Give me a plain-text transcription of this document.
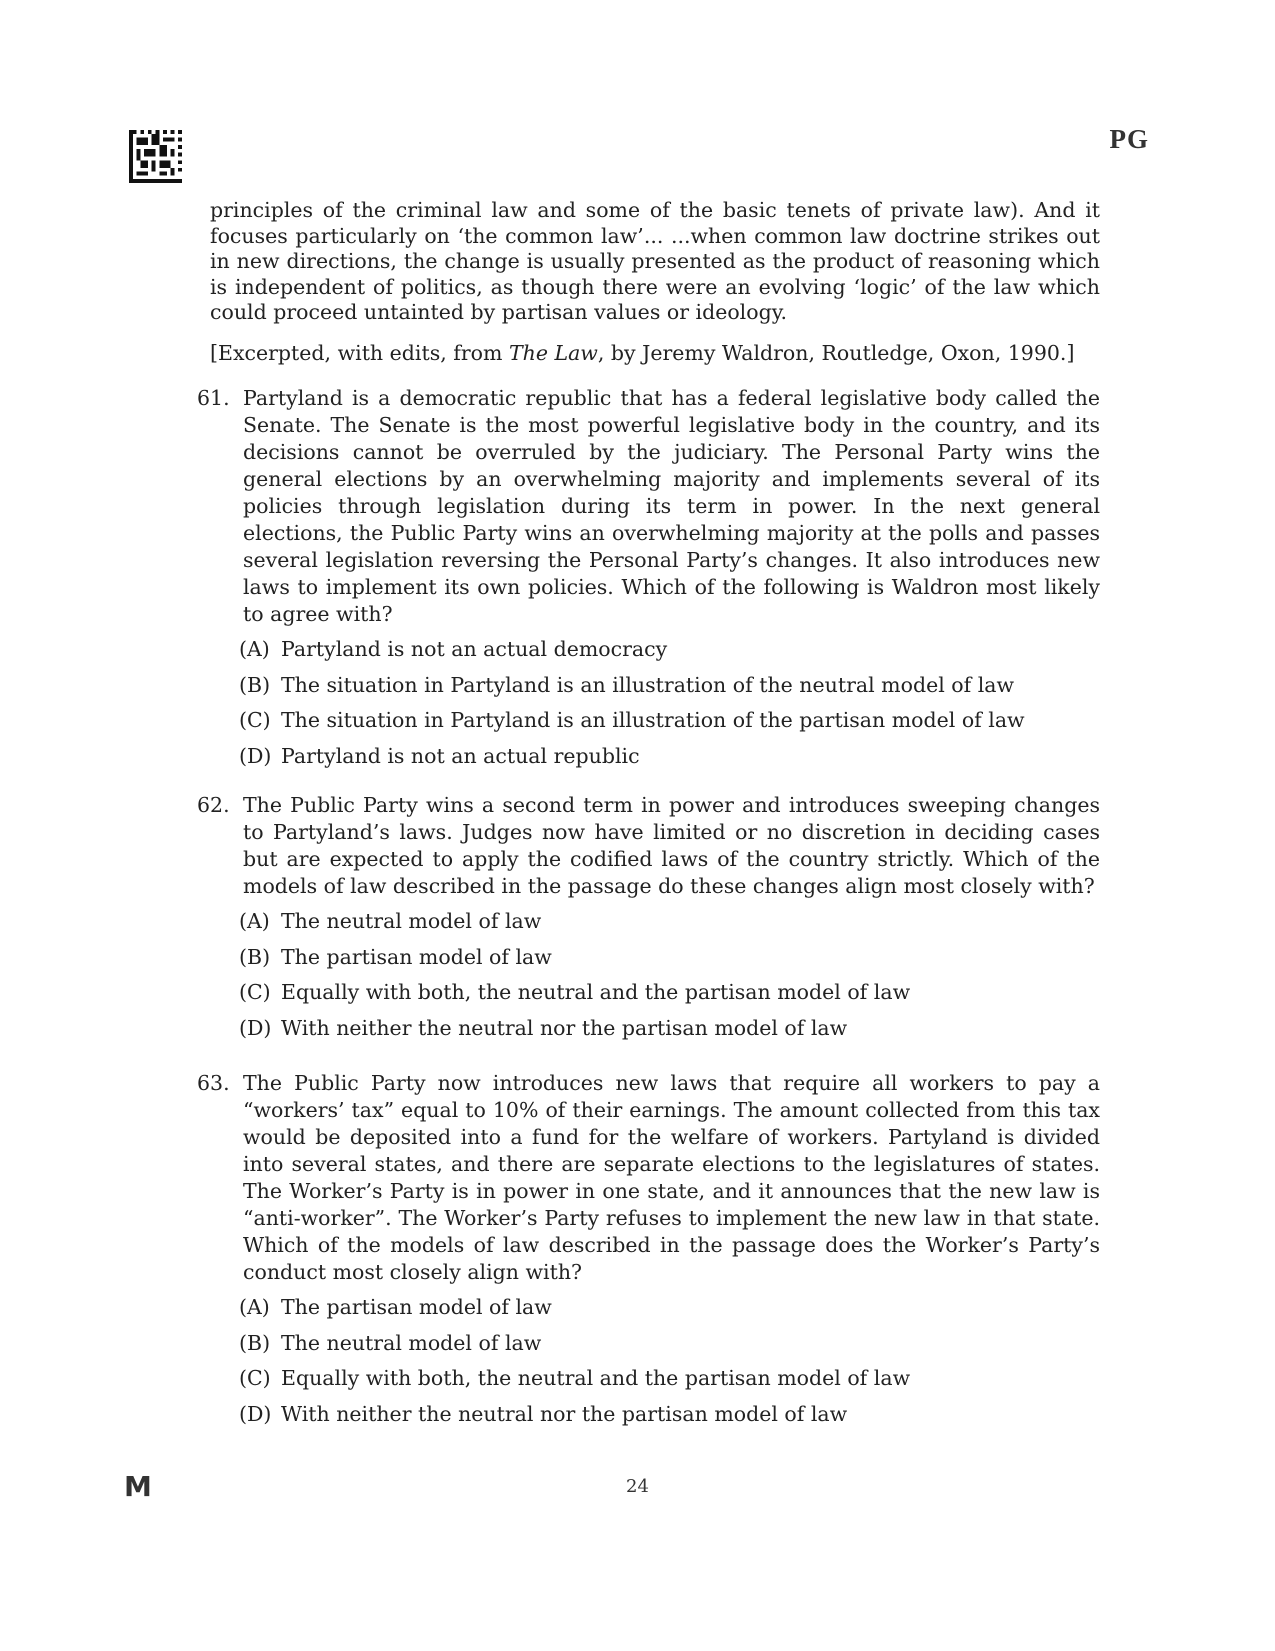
PG

principles of the criminal law and some of the basic tenets of private law). And it focuses particularly on ‘the common law’... ...when common law doctrine strikes out in new directions, the change is usually presented as the product of reasoning which is independent of politics, as though there were an evolving ‘logic’ of the law which could proceed untainted by partisan values or ideology.

[Excerpted, with edits, from The Law, by Jeremy Waldron, Routledge, Oxon, 1990.]
61. Partyland is a democratic republic that has a federal legislative body called the Senate. The Senate is the most powerful legislative body in the country, and its decisions cannot be overruled by the judiciary. The Personal Party wins the general elections by an overwhelming majority and implements several of its policies through legislation during its term in power. In the next general elections, the Public Party wins an overwhelming majority at the polls and passes several legislation reversing the Personal Party’s changes. It also introduces new laws to implement its own policies. Which of the following is Waldron most likely to agree with?
(A) Partyland is not an actual democracy
(B) The situation in Partyland is an illustration of the neutral model of law
(C) The situation in Partyland is an illustration of the partisan model of law
(D) Partyland is not an actual republic
62. The Public Party wins a second term in power and introduces sweeping changes to Partyland’s laws. Judges now have limited or no discretion in deciding cases but are expected to apply the codified laws of the country strictly. Which of the models of law described in the passage do these changes align most closely with?
(A) The neutral model of law
(B) The partisan model of law
(C) Equally with both, the neutral and the partisan model of law
(D) With neither the neutral nor the partisan model of law
63. The Public Party now introduces new laws that require all workers to pay a “workers’ tax” equal to 10% of their earnings. The amount collected from this tax would be deposited into a fund for the welfare of workers. Partyland is divided into several states, and there are separate elections to the legislatures of states. The Worker’s Party is in power in one state, and it announces that the new law is “anti-worker”. The Worker’s Party refuses to implement the new law in that state. Which of the models of law described in the passage does the Worker’s Party’s conduct most closely align with?
(A) The partisan model of law
(B) The neutral model of law
(C) Equally with both, the neutral and the partisan model of law
(D) With neither the neutral nor the partisan model of law
M	24
